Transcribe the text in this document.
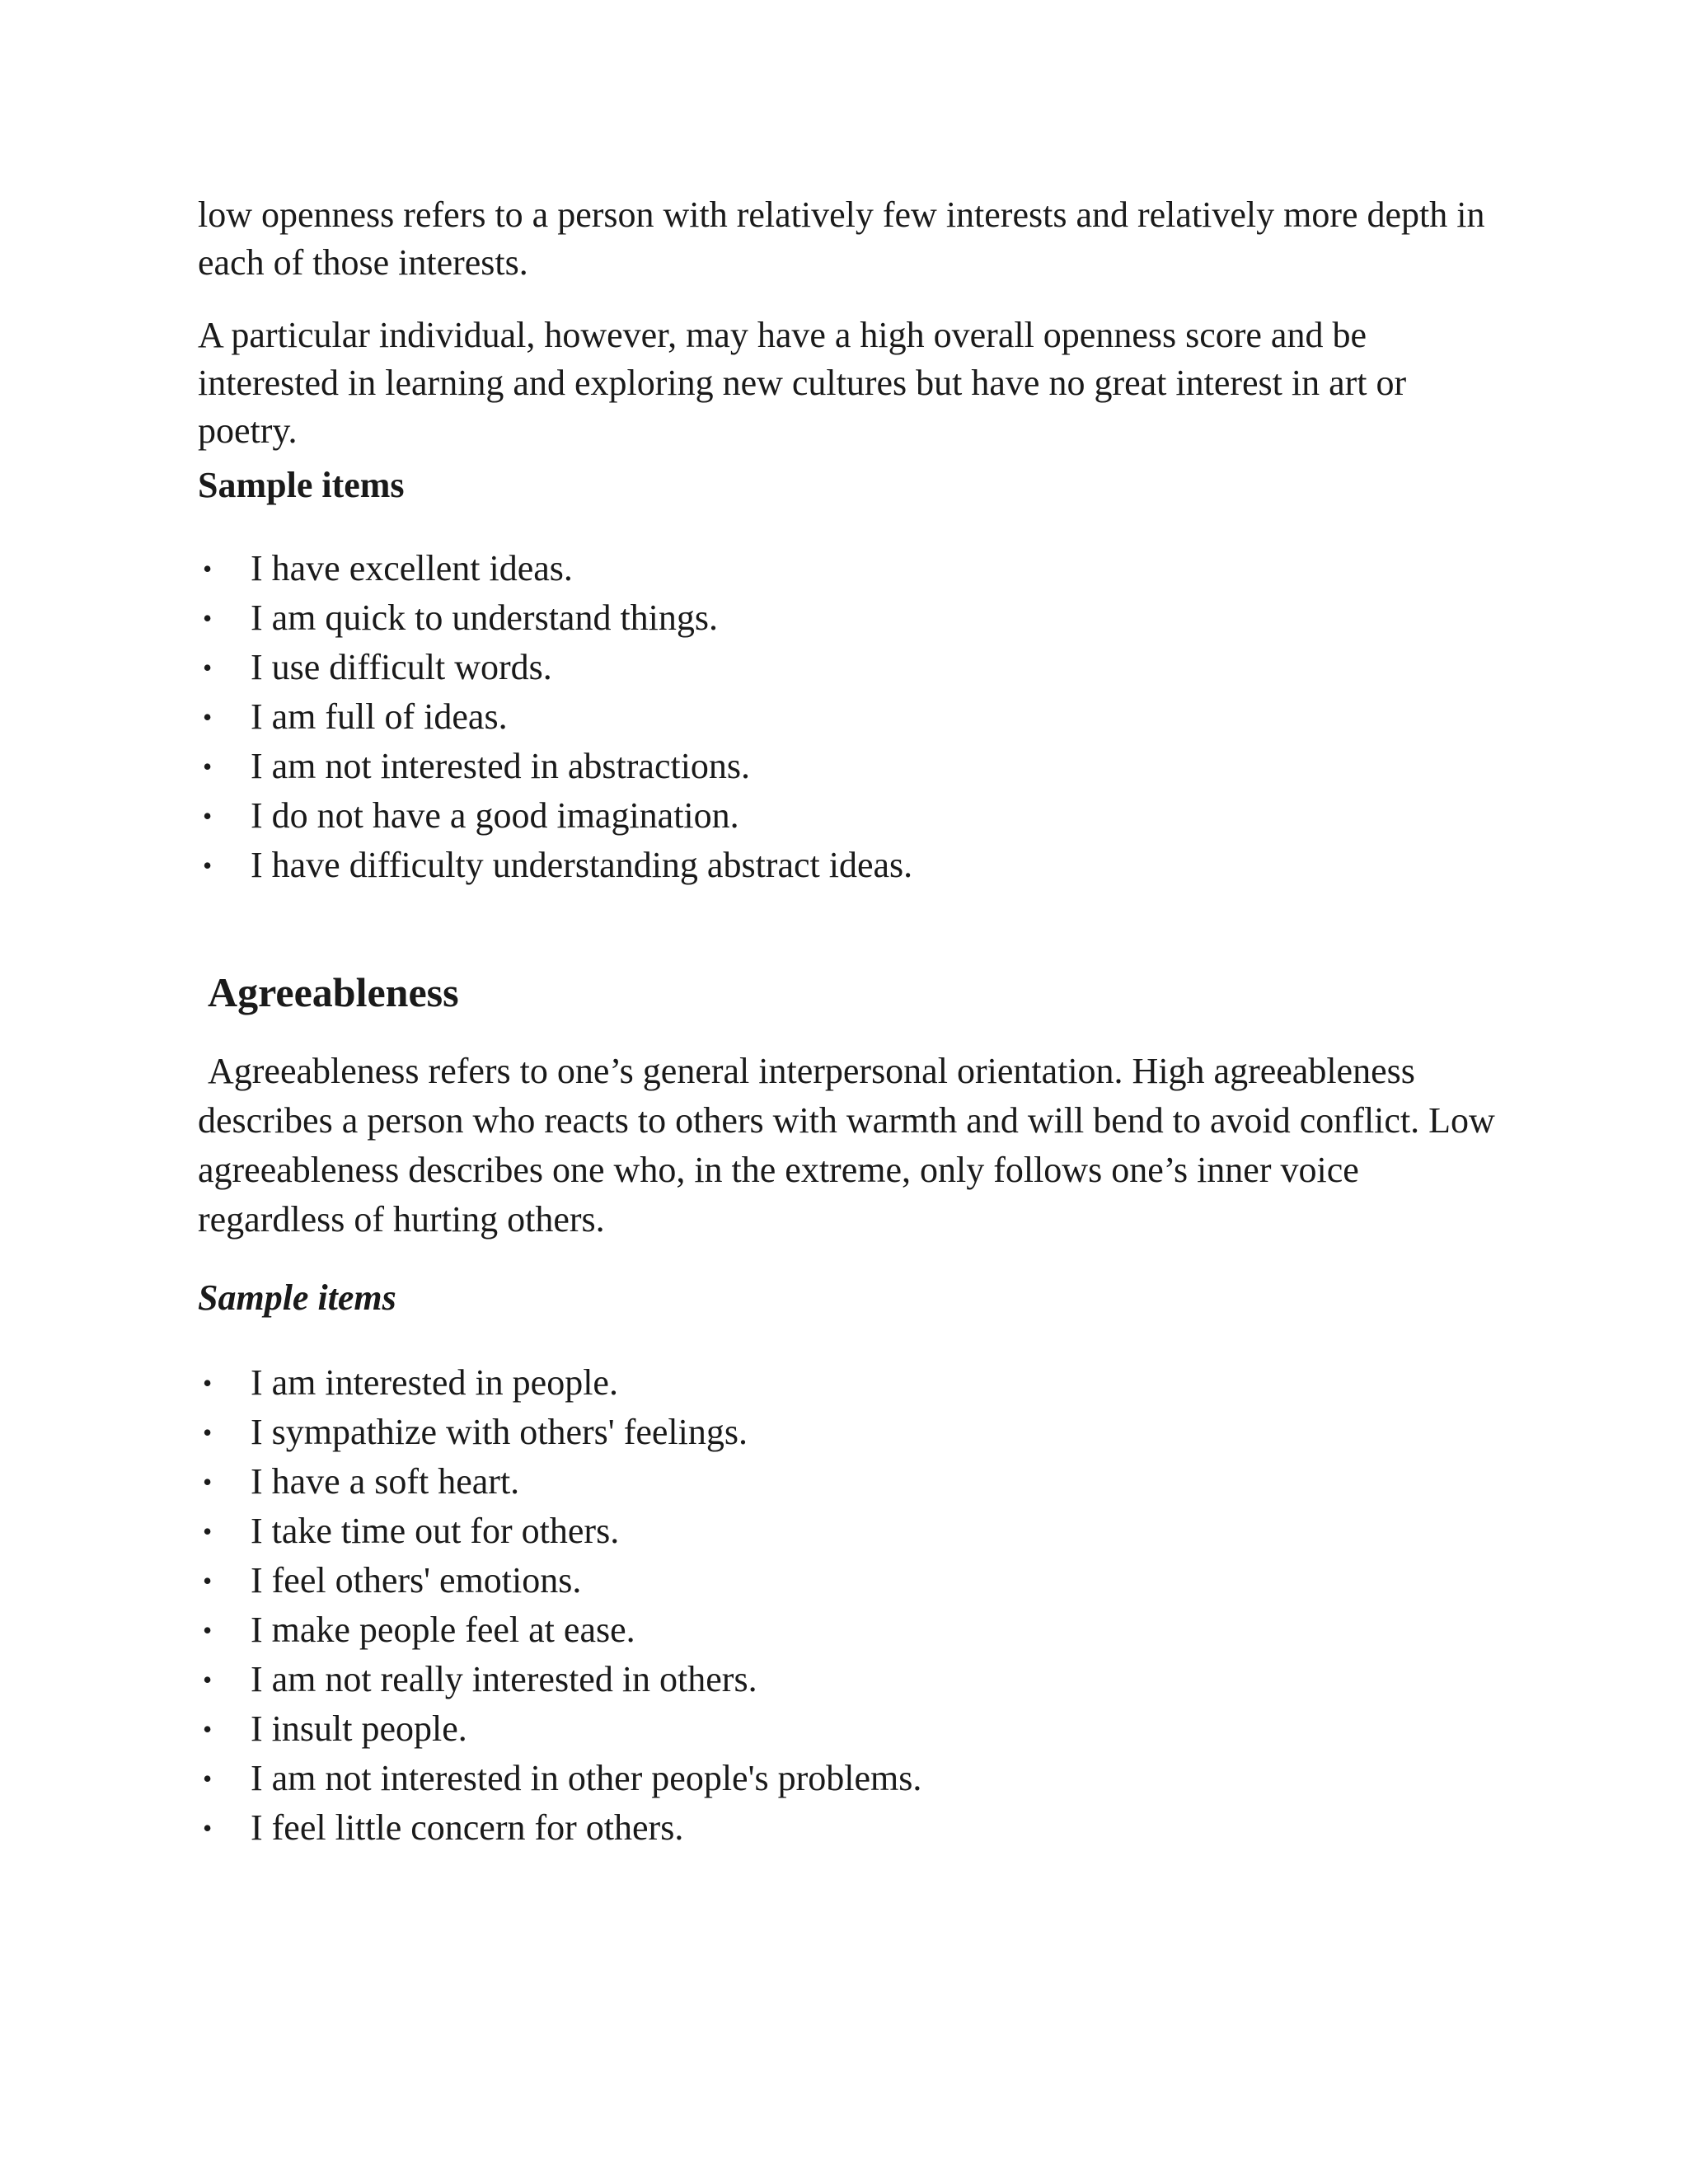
low openness refers to a person with relatively few interests and relatively more depth in each of those interests.

A particular individual, however, may have a high overall openness score and be interested in learning and exploring new cultures but have no great interest in art or poetry.

Sample items

• I have excellent ideas.
• I am quick to understand things.
• I use difficult words.
• I am full of ideas.
• I am not interested in abstractions.
• I do not have a good imagination.
• I have difficulty understanding abstract ideas.
Agreeableness

Agreeableness refers to one’s general interpersonal orientation. High agreeableness describes a person who reacts to others with warmth and will bend to avoid conflict. Low agreeableness describes one who, in the extreme, only follows one’s inner voice regardless of hurting others.

Sample items

• I am interested in people.
• I sympathize with others' feelings.
• I have a soft heart.
• I take time out for others.
• I feel others' emotions.
• I make people feel at ease.
• I am not really interested in others.
• I insult people.
• I am not interested in other people's problems.
• I feel little concern for others.
